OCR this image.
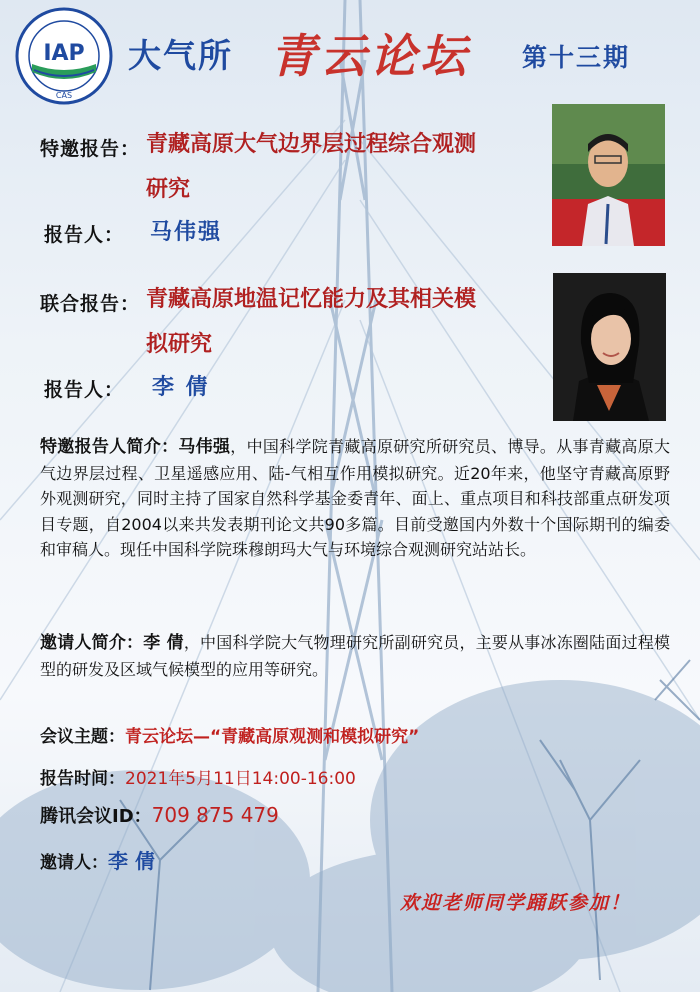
IAP
CAS
大气所 青云论坛 第十三期
特邀报告： 青藏高原大气边界层过程综合观测
研究
报告人： 马伟强
联合报告： 青藏高原地温记忆能力及其相关模
拟研究
报告人： 李 倩
特邀报告人简介：马伟强，中国科学院青藏高原研究所研究员、博导。从事青藏高原大气边界层过程、卫星遥感应用、陆-气相互作用模拟研究。近20年来，他坚守青藏高原野外观测研究，同时主持了国家自然科学基金委青年、面上、重点项目和科技部重点研发项目专题，自2004以来共发表期刊论文共90多篇。目前受邀国内外数十个国际期刊的编委和审稿人。现任中国科学院珠穆朗玛大气与环境综合观测研究站站长。
邀请人简介：李 倩，中国科学院大气物理研究所副研究员，主要从事冰冻圈陆面过程模型的研发及区域气候模型的应用等研究。
会议主题：青云论坛—“青藏高原观测和模拟研究”
报告时间：2021年5月11日14:00-16:00
腾讯会议ID：709 875 479
邀请人：李 倩
欢迎老师同学踊跃参加！
